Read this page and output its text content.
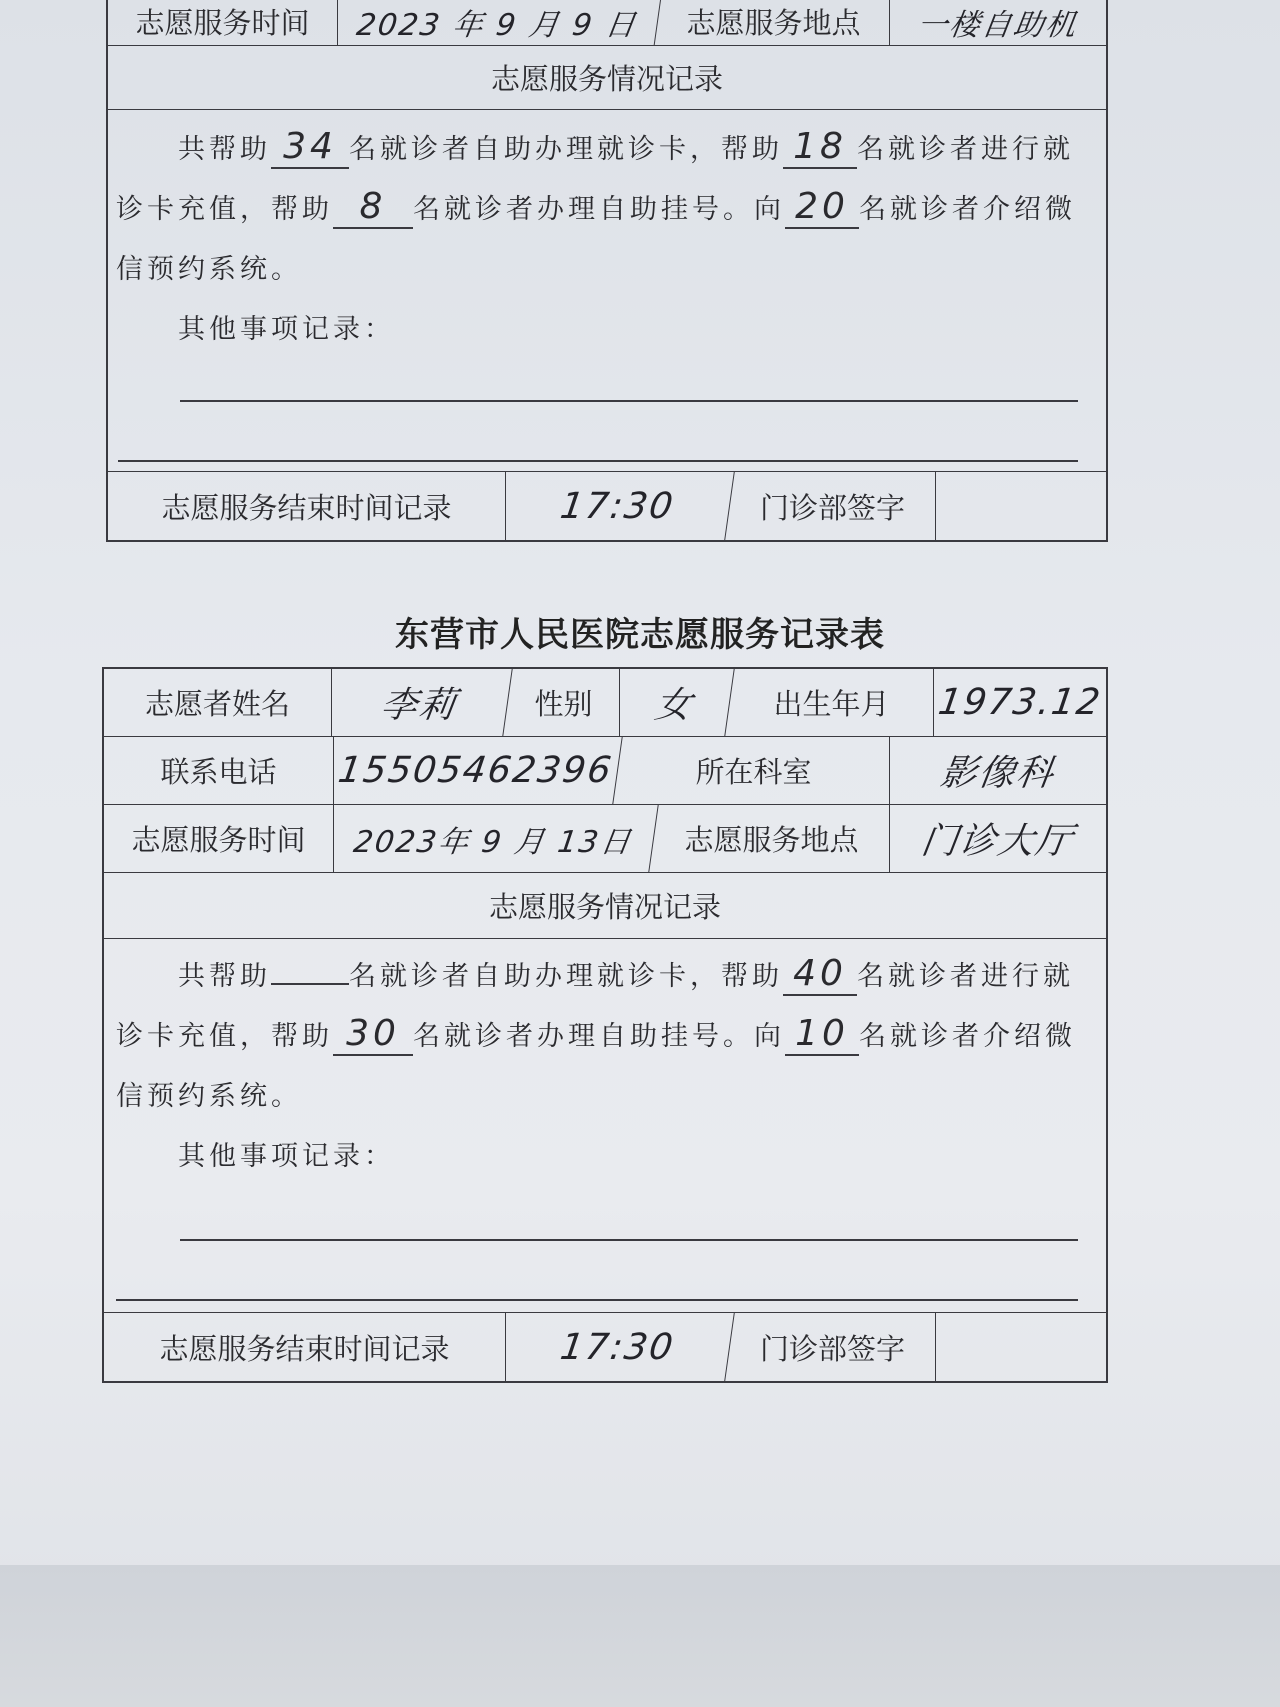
志愿服务时间	2023 年 9 月 9 日	志愿服务地点	一楼自助机
志愿服务情况记录
共帮助 34 名就诊者自助办理就诊卡，帮助 18 名就诊者进行就
诊卡充值，帮助 8 名就诊者办理自助挂号。向 20 名就诊者介绍微
信预约系统。
其他事项记录：
志愿服务结束时间记录	17:30	门诊部签字
东营市人民医院志愿服务记录表
志愿者姓名	李莉	性别	女	出生年月	1973.12
联系电话	15505462396	所在科室	影像科
志愿服务时间	2023年 9 月 13日	志愿服务地点	门诊大厅
志愿服务情况记录
共帮助	名就诊者自助办理就诊卡，帮助 40 名就诊者进行就
诊卡充值，帮助 30 名就诊者办理自助挂号。向 10 名就诊者介绍微
信预约系统。
其他事项记录：
志愿服务结束时间记录	17:30	门诊部签字
